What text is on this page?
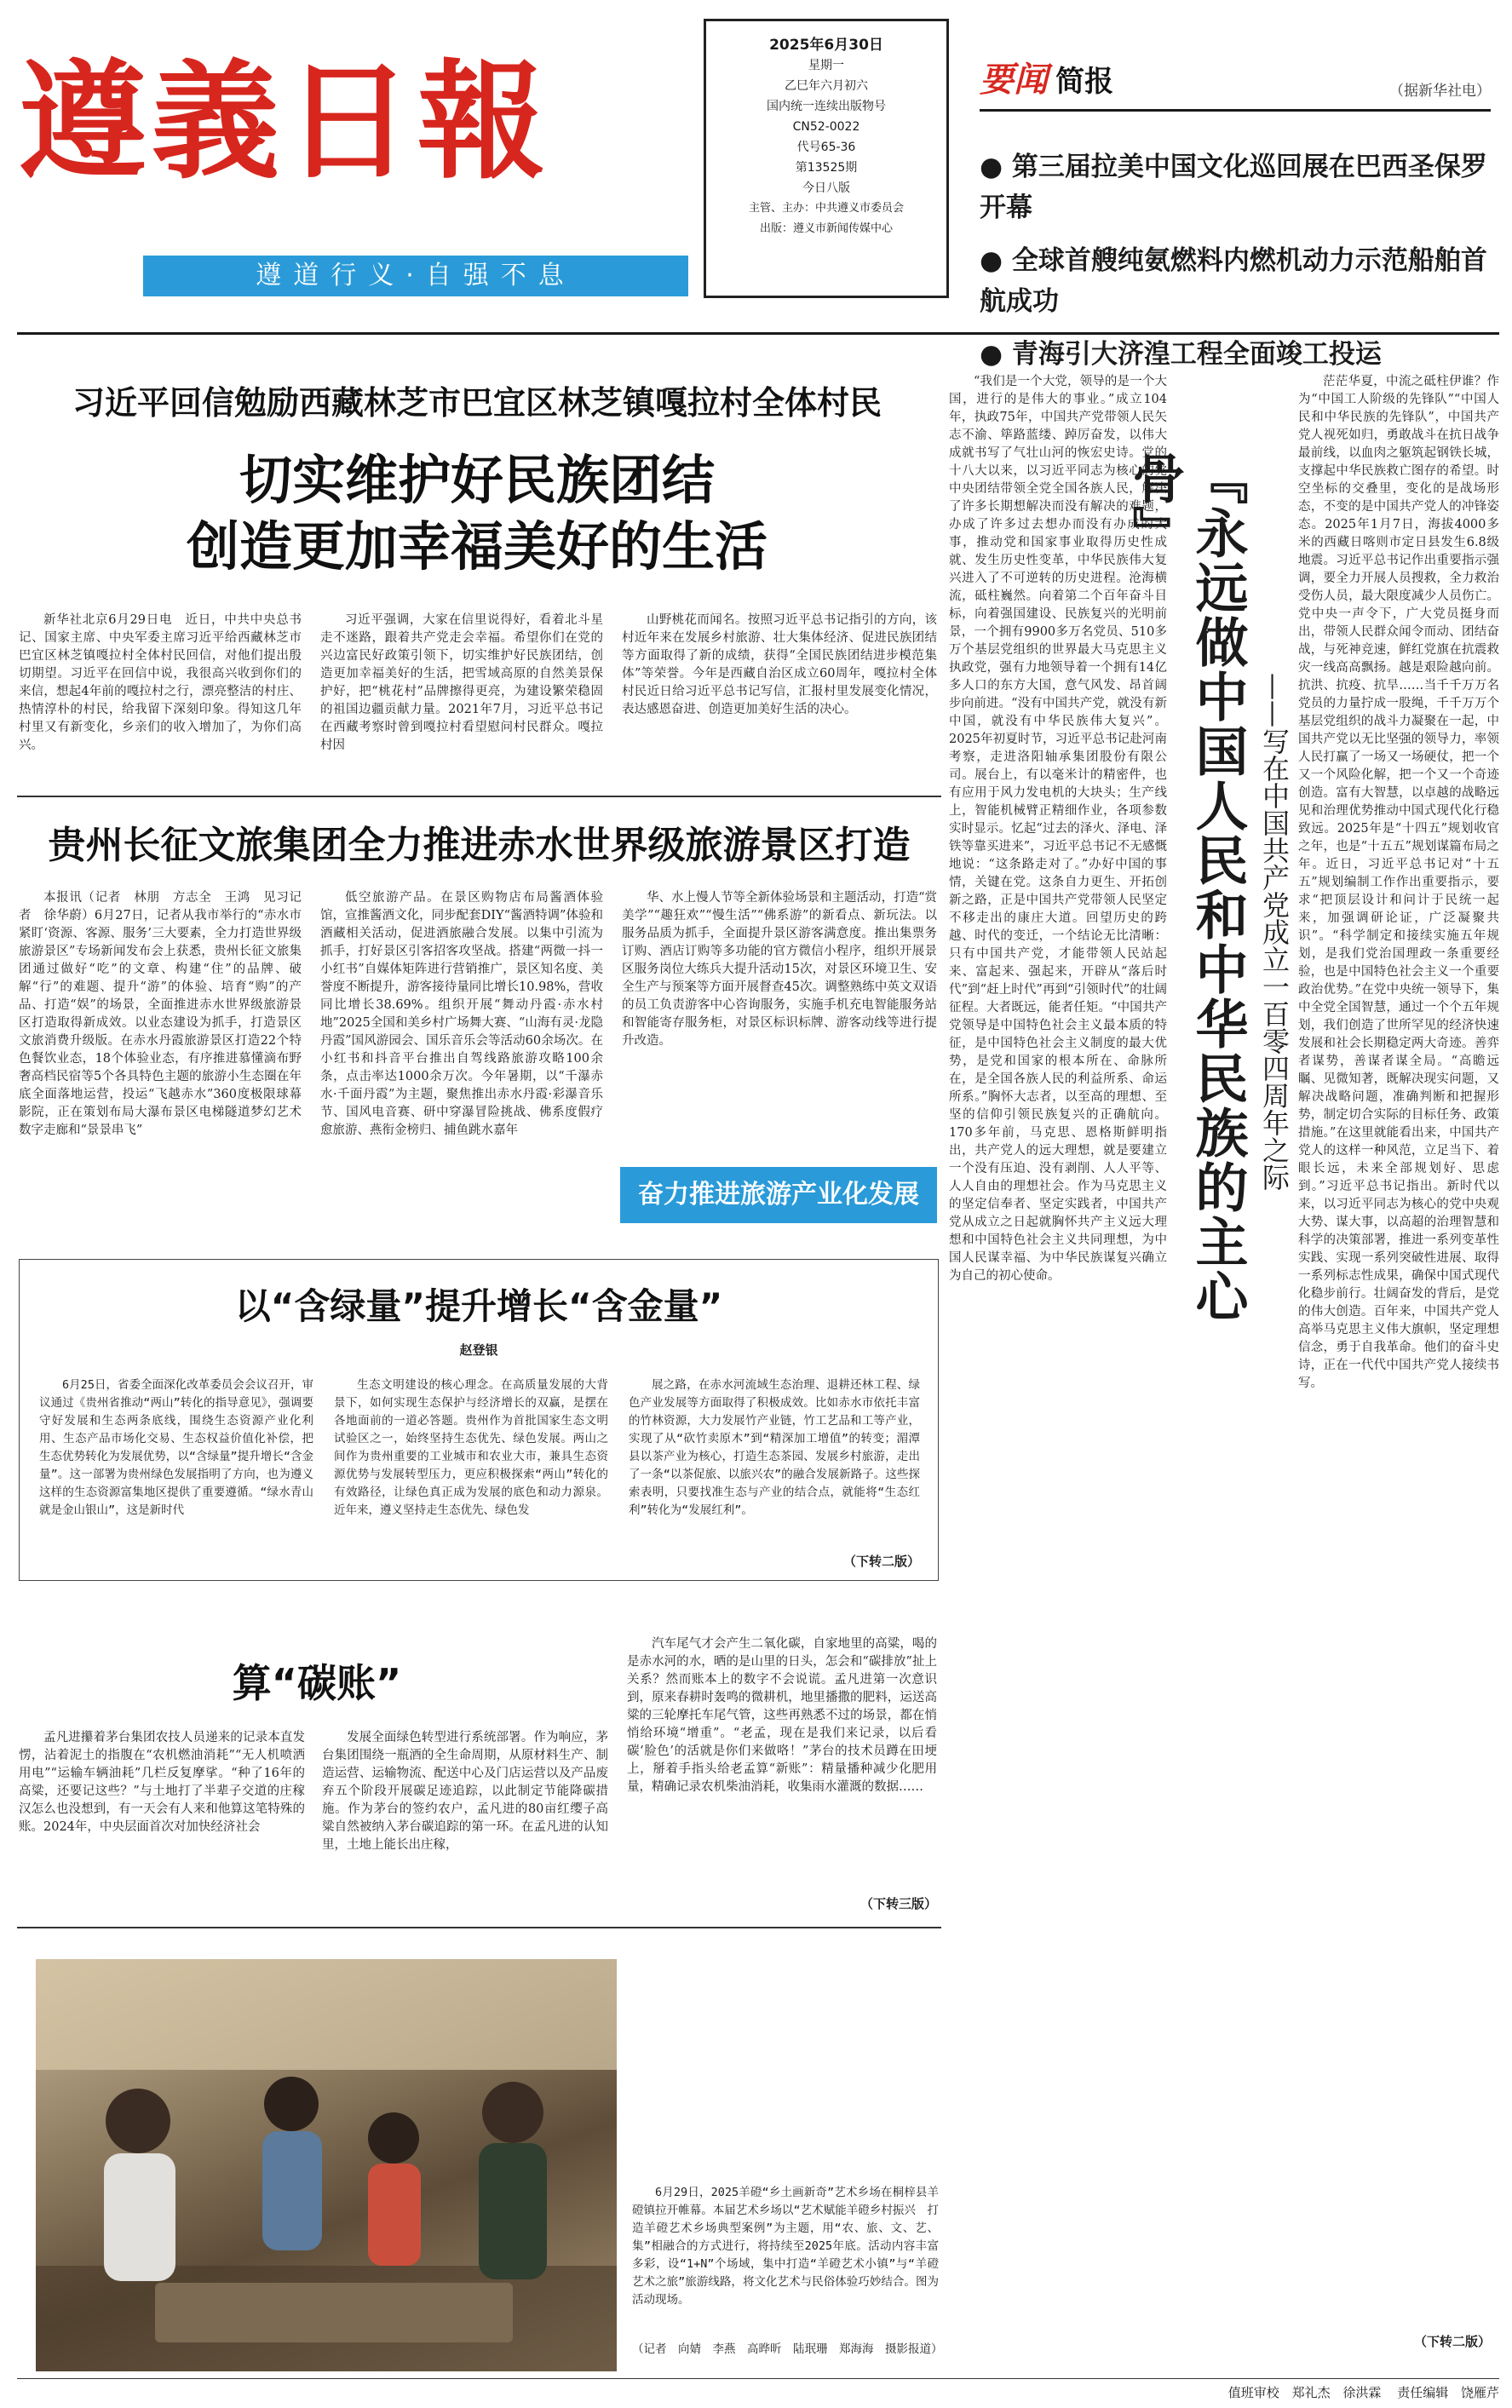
遵義日報
遵道行义·自强不息
2025年6月30日
星期一
乙巳年六月初六
国内统一连续出版物号
CN52-0022
代号65-36
第13525期
今日八版
主管、主办：中共遵义市委员会
出版：遵义市新闻传媒中心
要闻 简报	（据新华社电）
● 第三届拉美中国文化巡回展在巴西圣保罗开幕
● 全球首艘纯氨燃料内燃机动力示范船舶首航成功
● 青海引大济湟工程全面竣工投运
习近平回信勉励西藏林芝市巴宜区林芝镇嘎拉村全体村民
切实维护好民族团结
创造更加幸福美好的生活

新华社北京6月29日电　近日，中共中央总书记、国家主席、中央军委主席习近平给西藏林芝市巴宜区林芝镇嘎拉村全体村民回信，对他们提出殷切期望。习近平在回信中说，我很高兴收到你们的来信，想起4年前的嘎拉村之行，漂亮整洁的村庄、热情淳朴的村民，给我留下深刻印象。得知这几年村里又有新变化，乡亲们的收入增加了，为你们高兴。

习近平强调，大家在信里说得好，看着北斗星走不迷路，跟着共产党走会幸福。希望你们在党的兴边富民好政策引领下，切实维护好民族团结，创造更加幸福美好的生活，把雪域高原的自然美景保护好，把“桃花村”品牌擦得更亮，为建设繁荣稳固的祖国边疆贡献力量。2021年7月，习近平总书记在西藏考察时曾到嘎拉村看望慰问村民群众。嘎拉村因

山野桃花而闻名。按照习近平总书记指引的方向，该村近年来在发展乡村旅游、壮大集体经济、促进民族团结等方面取得了新的成绩，获得“全国民族团结进步模范集体”等荣誉。今年是西藏自治区成立60周年，嘎拉村全体村民近日给习近平总书记写信，汇报村里发展变化情况，表达感恩奋进、创造更加美好生活的决心。

贵州长征文旅集团全力推进赤水世界级旅游景区打造

本报讯（记者　林朋　方志全　王鸿　见习记者　徐华蔚）6月27日，记者从我市举行的“赤水市紧盯‘资源、客源、服务’三大要素，全力打造世界级旅游景区”专场新闻发布会上获悉，贵州长征文旅集团通过做好“吃”的文章、构建“住”的品牌、破解“行”的难题、提升“游”的体验、培育“购”的产品、打造“娱”的场景，全面推进赤水世界级旅游景区打造取得新成效。以业态建设为抓手，打造景区文旅消费升级版。在赤水丹霞旅游景区打造22个特色餐饮业态，18个体验业态，有序推进慕懂滴布野奢高档民宿等5个各具特色主题的旅游小生态圈在年底全面落地运营，投运“飞越赤水”360度极限球幕影院，正在策划布局大瀑布景区电梯隧道梦幻艺术数字走廊和“景景串飞”

低空旅游产品。在景区购物店布局酱酒体验馆，宣推酱酒文化，同步配套DIY“酱酒特调”体验和酒藏相关活动，促进酒旅融合发展。以集中引流为抓手，打好景区引客招客攻坚战。搭建“两微一抖一小红书”自媒体矩阵进行营销推广，景区知名度、美誉度不断提升，游客接待量同比增长10.98%，营收同比增长38.69%。组织开展“舞动丹霞·赤水村地”2025全国和美乡村广场舞大赛、“山海有灵·龙隐丹霞”国风游园会、国乐音乐会等活动60余场次。在小红书和抖音平台推出自驾线路旅游攻略100余条，点击率达1000余万次。今年暑期，以“千瀑赤水·千面丹霞”为主题，聚焦推出赤水丹霞·彩瀑音乐节、国风电音赛、研中穿瀑冒险挑战、佛系度假疗愈旅游、燕衔金榜归、捕鱼跳水嘉年

华、水上慢人节等全新体验场景和主题活动，打造“赏美学”“趣狂欢”“慢生活”“佛系游”的新看点、新玩法。以服务品质为抓手，全面提升景区游客满意度。推出集票务订购、酒店订购等多功能的官方微信小程序，组织开展景区服务岗位大练兵大提升活动15次，对景区环境卫生、安全生产与预案等方面开展督查45次。调整熟练中英文双语的员工负责游客中心咨询服务，实施手机充电智能服务站和智能寄存服务柜，对景区标识标牌、游客动线等进行提升改造。

奋力推进旅游产业化发展
以“含绿量”提升增长“含金量”
赵登银

6月25日，省委全面深化改革委员会会议召开，审议通过《贵州省推动“两山”转化的指导意见》，强调要守好发展和生态两条底线，围绕生态资源产业化利用、生态产品市场化交易、生态权益价值化补偿，把生态优势转化为发展优势，以“含绿量”提升增长“含金量”。这一部署为贵州绿色发展指明了方向，也为遵义这样的生态资源富集地区提供了重要遵循。“绿水青山就是金山银山”，这是新时代

生态文明建设的核心理念。在高质量发展的大背景下，如何实现生态保护与经济增长的双赢，是摆在各地面前的一道必答题。贵州作为首批国家生态文明试验区之一，始终坚持生态优先、绿色发展。两山之间作为贵州重要的工业城市和农业大市，兼具生态资源优势与发展转型压力，更应积极探索“两山”转化的有效路径，让绿色真正成为发展的底色和动力源泉。近年来，遵义坚持走生态优先、绿色发

展之路，在赤水河流域生态治理、退耕还林工程、绿色产业发展等方面取得了积极成效。比如赤水市依托丰富的竹林资源，大力发展竹产业链，竹工艺品和工等产业，实现了从“砍竹卖原木”到“精深加工增值”的转变；湄潭县以茶产业为核心，打造生态茶园、发展乡村旅游，走出了一条“以茶促旅、以旅兴农”的融合发展新路子。这些探索表明，只要找准生态与产业的结合点，就能将“生态红利”转化为“发展红利”。

（下转二版）
算“碳账”

孟凡进攥着茅台集团农技人员递来的记录本直发愣，沾着泥土的指腹在“农机燃油消耗”“无人机喷洒用电”“运输车辆油耗”几栏反复摩挲。“种了16年的高粱，还要记这些？”与土地打了半辈子交道的庄稼汉怎么也没想到，有一天会有人来和他算这笔特殊的账。2024年，中央层面首次对加快经济社会

发展全面绿色转型进行系统部署。作为响应，茅台集团围绕一瓶酒的全生命周期，从原材料生产、制造运营、运输物流、配送中心及门店运营以及产品废弃五个阶段开展碳足迹追踪，以此制定节能降碳措施。作为茅台的签约农户，孟凡进的80亩红缨子高粱自然被纳入茅台碳追踪的第一环。在孟凡进的认知里，土地上能长出庄稼，

汽车尾气才会产生二氧化碳，自家地里的高粱，喝的是赤水河的水，晒的是山里的日头，怎会和“碳排放”扯上关系？然而账本上的数字不会说谎。孟凡进第一次意识到，原来春耕时轰鸣的微耕机，地里播撒的肥料，运送高粱的三轮摩托车尾气管，这些再熟悉不过的场景，都在悄悄给环境“增重”。“老孟，现在是我们来记录，以后看碳‘脸色’的活就是你们来做咯！”茅台的技术员蹲在田埂上，掰着手指头给老孟算“新账”：精量播种减少化肥用量，精确记录农机柴油消耗，收集雨水灌溉的数据……

（下转三版）

6月29日，2025羊磴“乡土画新奇”艺术乡场在桐梓县羊磴镇拉开帷幕。本届艺术乡场以“艺术赋能羊磴乡村振兴　打造羊磴艺术乡场典型案例”为主题，用“农、旅、文、艺、集”相融合的方式进行，将持续至2025年底。活动内容丰富多彩，设“1+N”个场域，集中打造“羊磴艺术小镇”与“羊磴艺术之旅”旅游线路，将文化艺术与民俗体验巧妙结合。图为活动现场。

（记者　向婧　李燕　高晔昕　陆珉珊　郑海海　摄影报道）

“我们是一个大党，领导的是一个大国，进行的是伟大的事业。”成立104年，执政75年，中国共产党带领人民矢志不渝、筚路蓝缕、踔厉奋发，以伟大成就书写了气壮山河的恢宏史诗。党的十八大以来，以习近平同志为核心的党中央团结带领全党全国各族人民，解决了许多长期想解决而没有解决的难题，办成了许多过去想办而没有办成的大事，推动党和国家事业取得历史性成就、发生历史性变革，中华民族伟大复兴进入了不可逆转的历史进程。沧海横流，砥柱巍然。向着第二个百年奋斗目标，向着强国建设、民族复兴的光明前景，一个拥有9900多万名党员、510多万个基层党组织的世界最大马克思主义执政党，强有力地领导着一个拥有14亿多人口的东方大国，意气风发、昂首阔步向前进。“没有中国共产党，就没有新中国，就没有中华民族伟大复兴”。2025年初夏时节，习近平总书记赴河南考察，走进洛阳轴承集团股份有限公司。展台上，有以毫米计的精密件，也有应用于风力发电机的大块头；生产线上，智能机械臂正精细作业，各项参数实时显示。忆起“过去的泽火、泽电、泽铁等靠买进来”，习近平总书记不无感慨地说：“这条路走对了。”办好中国的事情，关键在党。这条自力更生、开拓创新之路，正是中国共产党带领人民坚定不移走出的康庄大道。回望历史的跨越、时代的变迁，一个结论无比清晰：只有中国共产党，才能带领人民站起来、富起来、强起来，开辟从“落后时代”到“赶上时代”再到“引领时代”的壮阔征程。大者既远，能者任矩。“中国共产党领导是中国特色社会主义最本质的特征，是中国特色社会主义制度的最大优势，是党和国家的根本所在、命脉所在，是全国各族人民的利益所系、命运所系。”胸怀大志者，以至高的理想、至坚的信仰引领民族复兴的正确航向。170多年前，马克思、恩格斯鲜明指出，共产党人的远大理想，就是要建立一个没有压迫、没有剥削、人人平等、人人自由的理想社会。作为马克思主义的坚定信奉者、坚定实践者，中国共产党从成立之日起就胸怀共产主义远大理想和中国特色社会主义共同理想，为中国人民谋幸福、为中华民族谋复兴确立为自己的初心使命。	『永远做中国人民和中华民族的主心骨』
——写在中国共产党成立一百零四周年之际

茫茫华夏，中流之砥柱伊谁？作为“中国工人阶级的先锋队”“中国人民和中华民族的先锋队”，中国共产党人视死如归，勇敢战斗在抗日战争最前线，以血肉之躯筑起钢铁长城，支撑起中华民族救亡图存的希望。时空坐标的交叠里，变化的是战场形态，不变的是中国共产党人的冲锋姿态。2025年1月7日，海拔4000多米的西藏日喀则市定日县发生6.8级地震。习近平总书记作出重要指示强调，要全力开展人员搜救，全力救治受伤人员，最大限度减少人员伤亡。党中央一声令下，广大党员挺身而出，带领人民群众闻令而动、团结奋战，与死神竞速，鲜红党旗在抗震救灾一线高高飘扬。越是艰险越向前。抗洪、抗疫、抗旱……当千千万万名党员的力量拧成一股绳，千千万万个基层党组织的战斗力凝聚在一起，中国共产党以无比坚强的领导力，率领人民打赢了一场又一场硬仗，把一个又一个风险化解，把一个又一个奇迹创造。富有大智慧，以卓越的战略远见和治理优势推动中国式现代化行稳致远。2025年是“十四五”规划收官之年，也是“十五五”规划谋篇布局之年。近日，习近平总书记对“十五五”规划编制工作作出重要指示，要求“把顶层设计和问计于民统一起来，加强调研论证，广泛凝聚共识”。“科学制定和接续实施五年规划，是我们党治国理政一条重要经验，也是中国特色社会主义一个重要政治优势。”在党中央统一领导下，集中全党全国智慧，通过一个个五年规划，我们创造了世所罕见的经济快速发展和社会长期稳定两大奇迹。善弈者谋势，善谋者谋全局。“高瞻远瞩、见微知著，既解决现实问题，又解决战略问题，准确判断和把握形势，制定切合实际的目标任务、政策措施。”在这里就能看出来，中国共产党人的这样一种风范，立足当下、着眼长远，未来全部规划好、思虑到。”习近平总书记指出。新时代以来，以习近平同志为核心的党中央观大势、谋大事，以高超的治理智慧和科学的决策部署，推进一系列变革性实践、实现一系列突破性进展、取得一系列标志性成果，确保中国式现代化稳步前行。壮阔奋发的背后，是党的伟大创造。百年来，中国共产党人高举马克思主义伟大旗帜，坚定理想信念，勇于自我革命。他们的奋斗史诗，正在一代代中国共产党人接续书写。

（下转二版）
值班审校 郑礼杰 徐洪霖 责任编辑 饶雁芹
